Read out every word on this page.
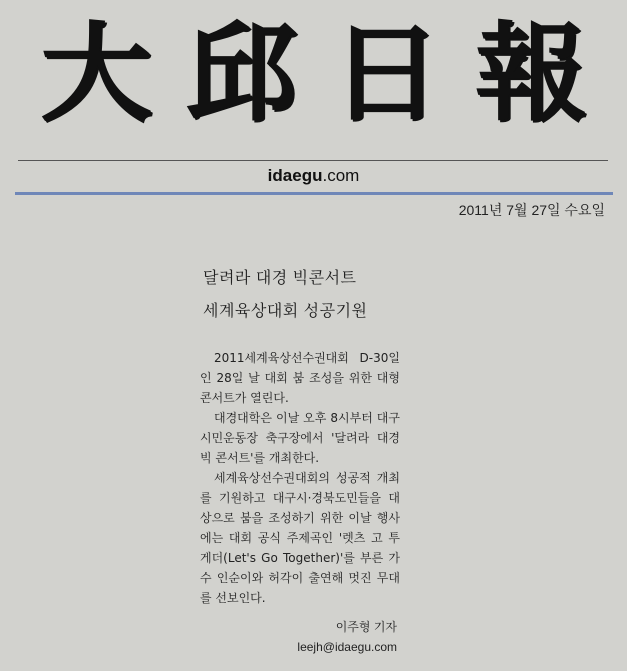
大 邱 日 報
idaegu.com
2011년 7월 27일 수요일
달려라 대경 빅콘서트
세계육상대회 성공기원

2011세계육상선수권대회 D-30일인 28일 날 대회 붐 조성을 위한 대형 콘서트가 열린다.

대경대학은 이날 오후 8시부터 대구시민운동장 축구장에서 '달려라 대경 빅 콘서트'를 개최한다.

세계육상선수권대회의 성공적 개최를 기원하고 대구시·경북도민들을 대상으로 붐을 조성하기 위한 이날 행사에는 대회 공식 주제곡인 '렛츠 고 투게더(Let's Go Together)'를 부른 가수 인순이와 허각이 출연해 멋진 무대를 선보인다.

이주형 기자
leejh@idaegu.com
